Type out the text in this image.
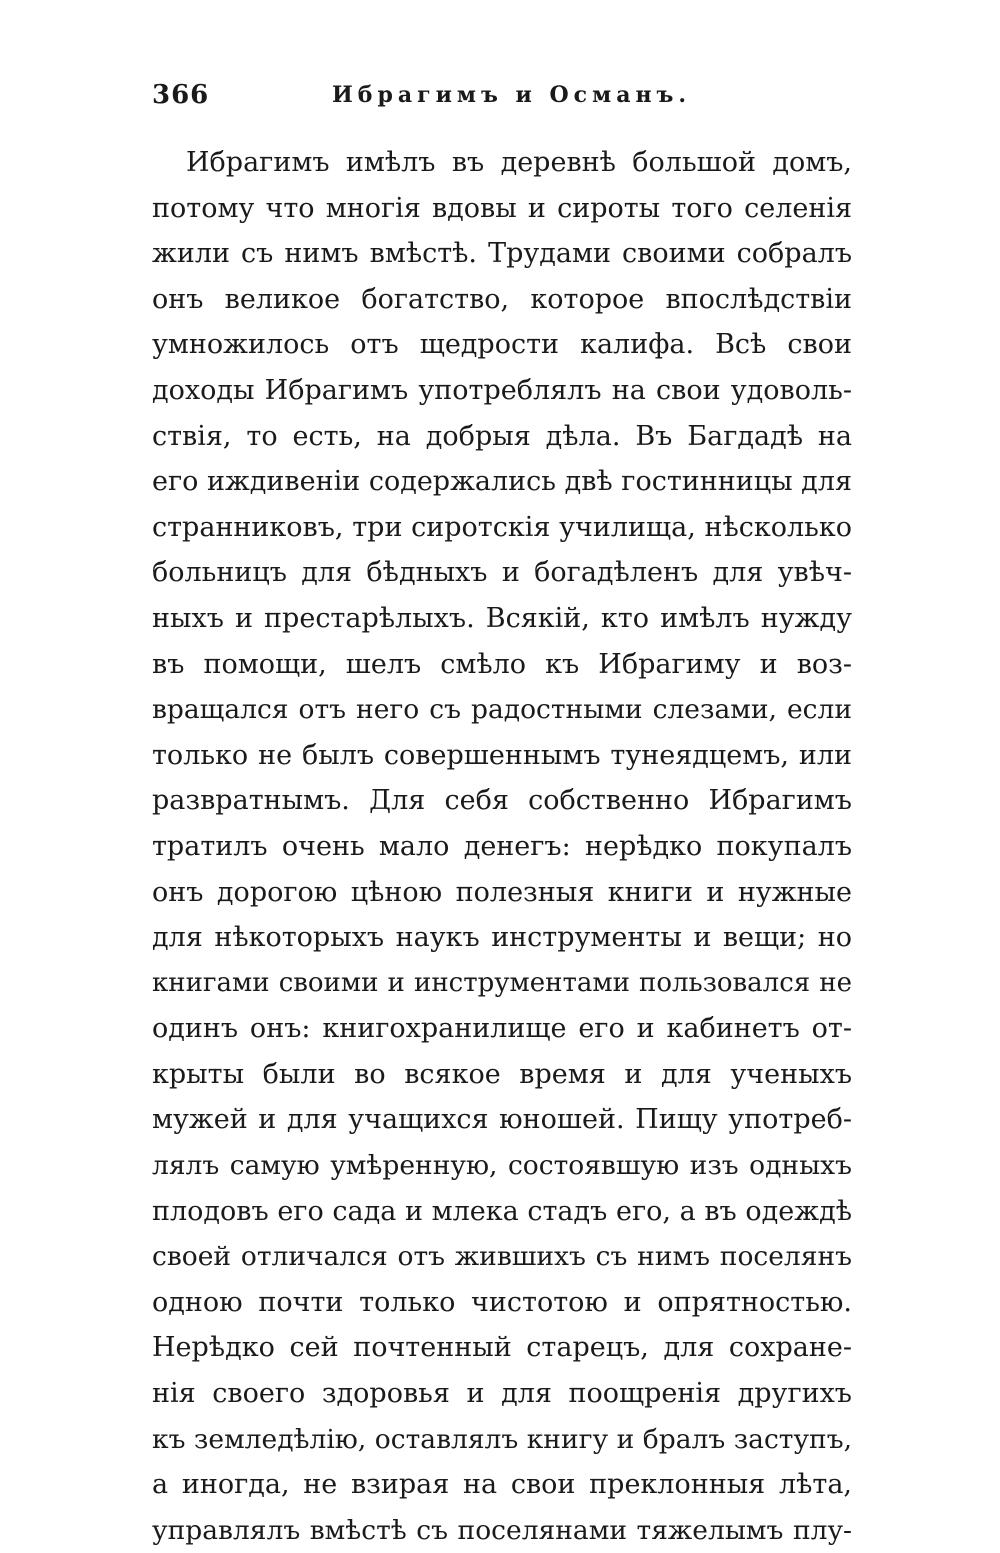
366	Ибрагимъ и Османъ.
Ибрагимъ имѣлъ въ деревнѣ большой домъ,
потому что многія вдовы и сироты того селенія
жили съ нимъ вмѣстѣ. Трудами своими собралъ
онъ великое богатство, которое впослѣдствіи
умножилось отъ щедрости калифа. Всѣ свои
доходы Ибрагимъ употреблялъ на свои удоволь-
ствія, то есть, на добрыя дѣла. Въ Багдадѣ на
его иждивеніи содержались двѣ гостинницы для
странниковъ, три сиротскія училища, нѣсколько
больницъ для бѣдныхъ и богадѣленъ для увѣч-
ныхъ и престарѣлыхъ. Всякій, кто имѣлъ нужду
въ помощи, шелъ смѣло къ Ибрагиму и воз-
вращался отъ него съ радостными слезами, если
только не былъ совершеннымъ тунеядцемъ, или
развратнымъ. Для себя собственно Ибрагимъ
тратилъ очень мало денегъ: нерѣдко покупалъ
онъ дорогою цѣною полезныя книги и нужные
для нѣкоторыхъ наукъ инструменты и вещи; но
книгами своими и инструментами пользовался не
одинъ онъ: книгохранилище его и кабинетъ от-
крыты были во всякое время и для ученыхъ
мужей и для учащихся юношей. Пищу употреб-
лялъ самую умѣренную, состоявшую изъ одныхъ
плодовъ его сада и млека стадъ его, а въ одеждѣ
своей отличался отъ жившихъ съ нимъ поселянъ
одною почти только чистотою и опрятностью.
Нерѣдко сей почтенный старецъ, для сохране-
нія своего здоровья и для поощренія другихъ
къ земледѣлію, оставлялъ книгу и бралъ заступъ,
а иногда, не взирая на свои преклонныя лѣта,
управлялъ вмѣстѣ съ поселянами тяжелымъ плу-
